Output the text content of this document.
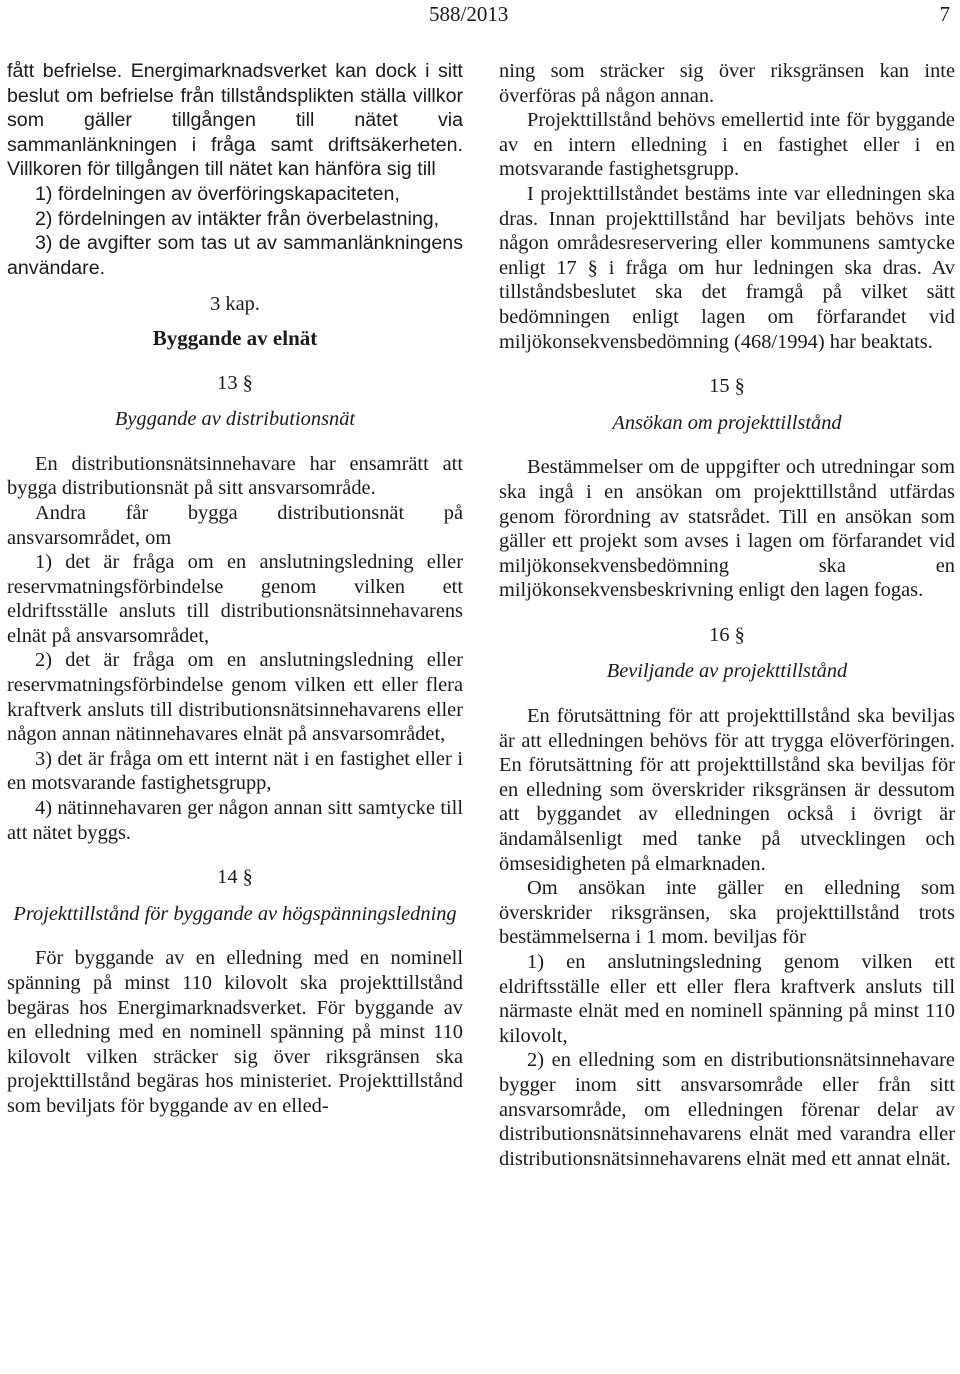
588/2013	7

fått befrielse. Energimarknadsverket kan dock i sitt beslut om befrielse från tillståndsplikten ställa villkor som gäller tillgången till nätet via sammanlänkningen i fråga samt driftsäkerheten. Villkoren för tillgången till nätet kan hänföra sig till

1) fördelningen av överföringskapaciteten,

2) fördelningen av intäkter från överbelastning,

3) de avgifter som tas ut av sammanlänkningens användare.

3 kap.

Byggande av elnät

13 §

Byggande av distributionsnät

En distributionsnätsinnehavare har ensamrätt att bygga distributionsnät på sitt ansvarsområde.

Andra får bygga distributionsnät på ansvarsområdet, om

1) det är fråga om en anslutningsledning eller reservmatningsförbindelse genom vilken ett eldriftsställe ansluts till distributionsnätsinnehavarens elnät på ansvarsområdet,

2) det är fråga om en anslutningsledning eller reservmatningsförbindelse genom vilken ett eller flera kraftverk ansluts till distributionsnätsinnehavarens eller någon annan nätinnehavares elnät på ansvarsområdet,

3) det är fråga om ett internt nät i en fastighet eller i en motsvarande fastighetsgrupp,

4) nätinnehavaren ger någon annan sitt samtycke till att nätet byggs.

14 §

Projekttillstånd för byggande av högspänningsledning

För byggande av en elledning med en nominell spänning på minst 110 kilovolt ska projekttillstånd begäras hos Energimarknadsverket. För byggande av en elledning med en nominell spänning på minst 110 kilovolt vilken sträcker sig över riksgränsen ska projekttillstånd begäras hos ministeriet. Projekttillstånd som beviljats för byggande av en elled-

ning som sträcker sig över riksgränsen kan inte överföras på någon annan.

Projekttillstånd behövs emellertid inte för byggande av en intern elledning i en fastighet eller i en motsvarande fastighetsgrupp.

I projekttillståndet bestäms inte var elledningen ska dras. Innan projekttillstånd har beviljats behövs inte någon områdesreservering eller kommunens samtycke enligt 17 § i fråga om hur ledningen ska dras. Av tillståndsbeslutet ska det framgå på vilket sätt bedömningen enligt lagen om förfarandet vid miljökonsekvensbedömning (468/1994) har beaktats.

15 §

Ansökan om projekttillstånd

Bestämmelser om de uppgifter och utredningar som ska ingå i en ansökan om projekttillstånd utfärdas genom förordning av statsrådet. Till en ansökan som gäller ett projekt som avses i lagen om förfarandet vid miljökonsekvensbedömning ska en miljökonsekvensbeskrivning enligt den lagen fogas.

16 §

Beviljande av projekttillstånd

En förutsättning för att projekttillstånd ska beviljas är att elledningen behövs för att trygga elöverföringen. En förutsättning för att projekttillstånd ska beviljas för en elledning som överskrider riksgränsen är dessutom att byggandet av elledningen också i övrigt är ändamålsenligt med tanke på utvecklingen och ömsesidigheten på elmarknaden.

Om ansökan inte gäller en elledning som överskrider riksgränsen, ska projekttillstånd trots bestämmelserna i 1 mom. beviljas för

1) en anslutningsledning genom vilken ett eldriftsställe eller ett eller flera kraftverk ansluts till närmaste elnät med en nominell spänning på minst 110 kilovolt,

2) en elledning som en distributionsnätsinnehavare bygger inom sitt ansvarsområde eller från sitt ansvarsområde, om elledningen förenar delar av distributionsnätsinnehavarens elnät med varandra eller distributionsnätsinnehavarens elnät med ett annat elnät.
